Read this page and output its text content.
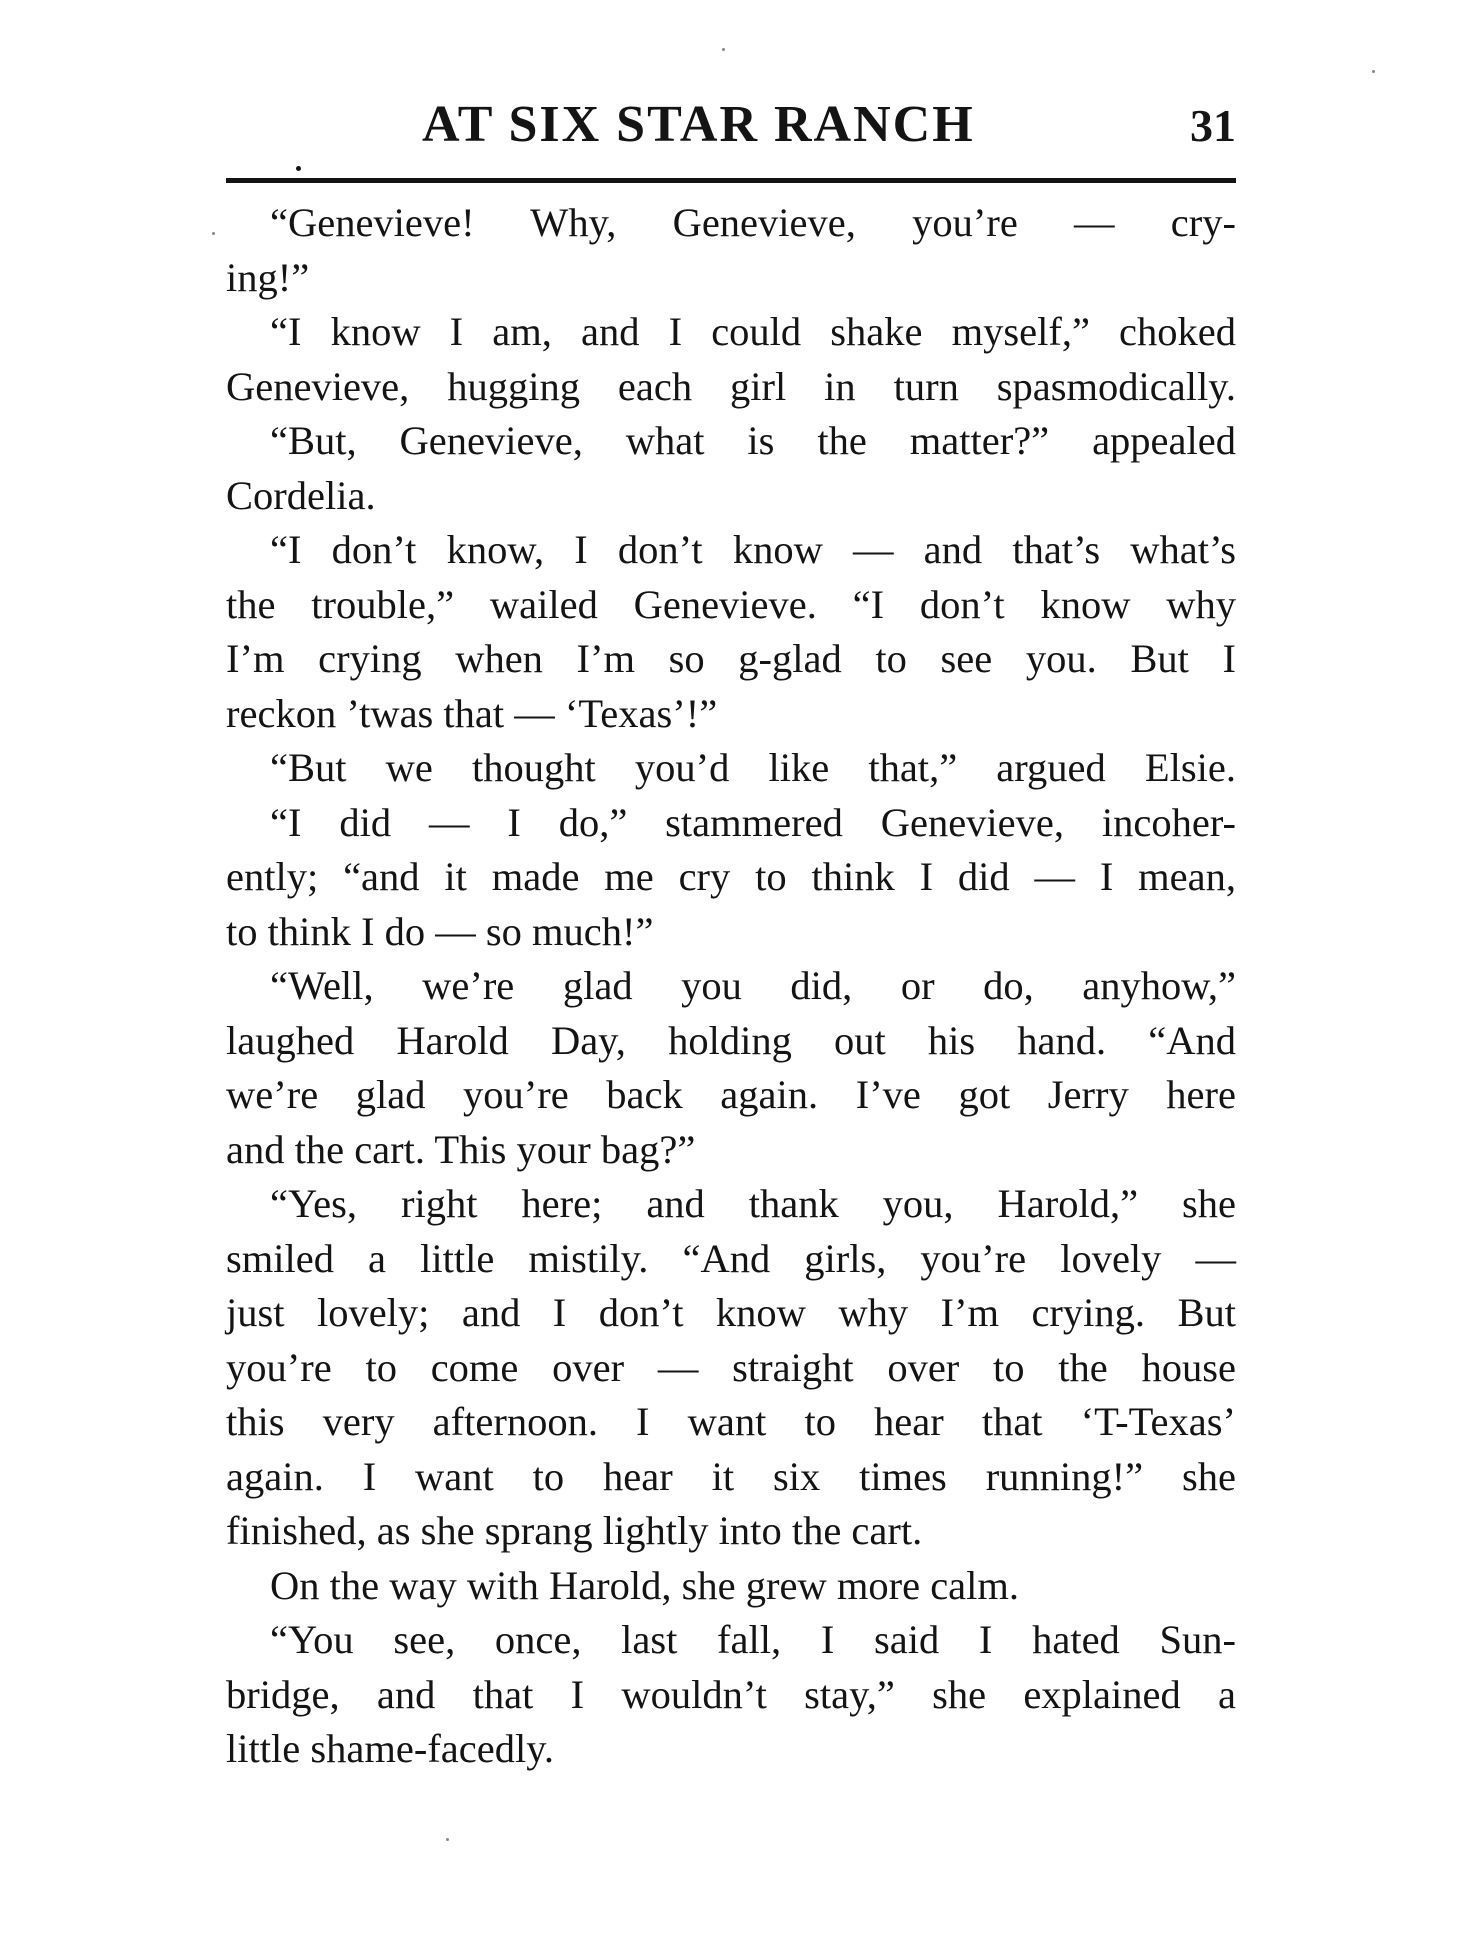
AT SIX STAR RANCH	31
“Genevieve! Why, Genevieve, you’re — cry-
ing!”
“I know I am, and I could shake myself,” choked
Genevieve, hugging each girl in turn spasmodically.
“But, Genevieve, what is the matter?” appealed
Cordelia.
“I don’t know, I don’t know — and that’s what’s
the trouble,” wailed Genevieve. “I don’t know why
I’m crying when I’m so g-glad to see you. But I
reckon ’twas that — ‘Texas’!”
“But we thought you’d like that,” argued Elsie.
“I did — I do,” stammered Genevieve, incoher-
ently; “and it made me cry to think I did — I mean,
to think I do — so much!”
“Well, we’re glad you did, or do, anyhow,”
laughed Harold Day, holding out his hand. “And
we’re glad you’re back again. I’ve got Jerry here
and the cart. This your bag?”
“Yes, right here; and thank you, Harold,” she
smiled a little mistily. “And girls, you’re lovely —
just lovely; and I don’t know why I’m crying. But
you’re to come over — straight over to the house
this very afternoon. I want to hear that ‘T-Texas’
again. I want to hear it six times running!” she
finished, as she sprang lightly into the cart.
On the way with Harold, she grew more calm.
“You see, once, last fall, I said I hated Sun-
bridge, and that I wouldn’t stay,” she explained a
little shame-facedly.
